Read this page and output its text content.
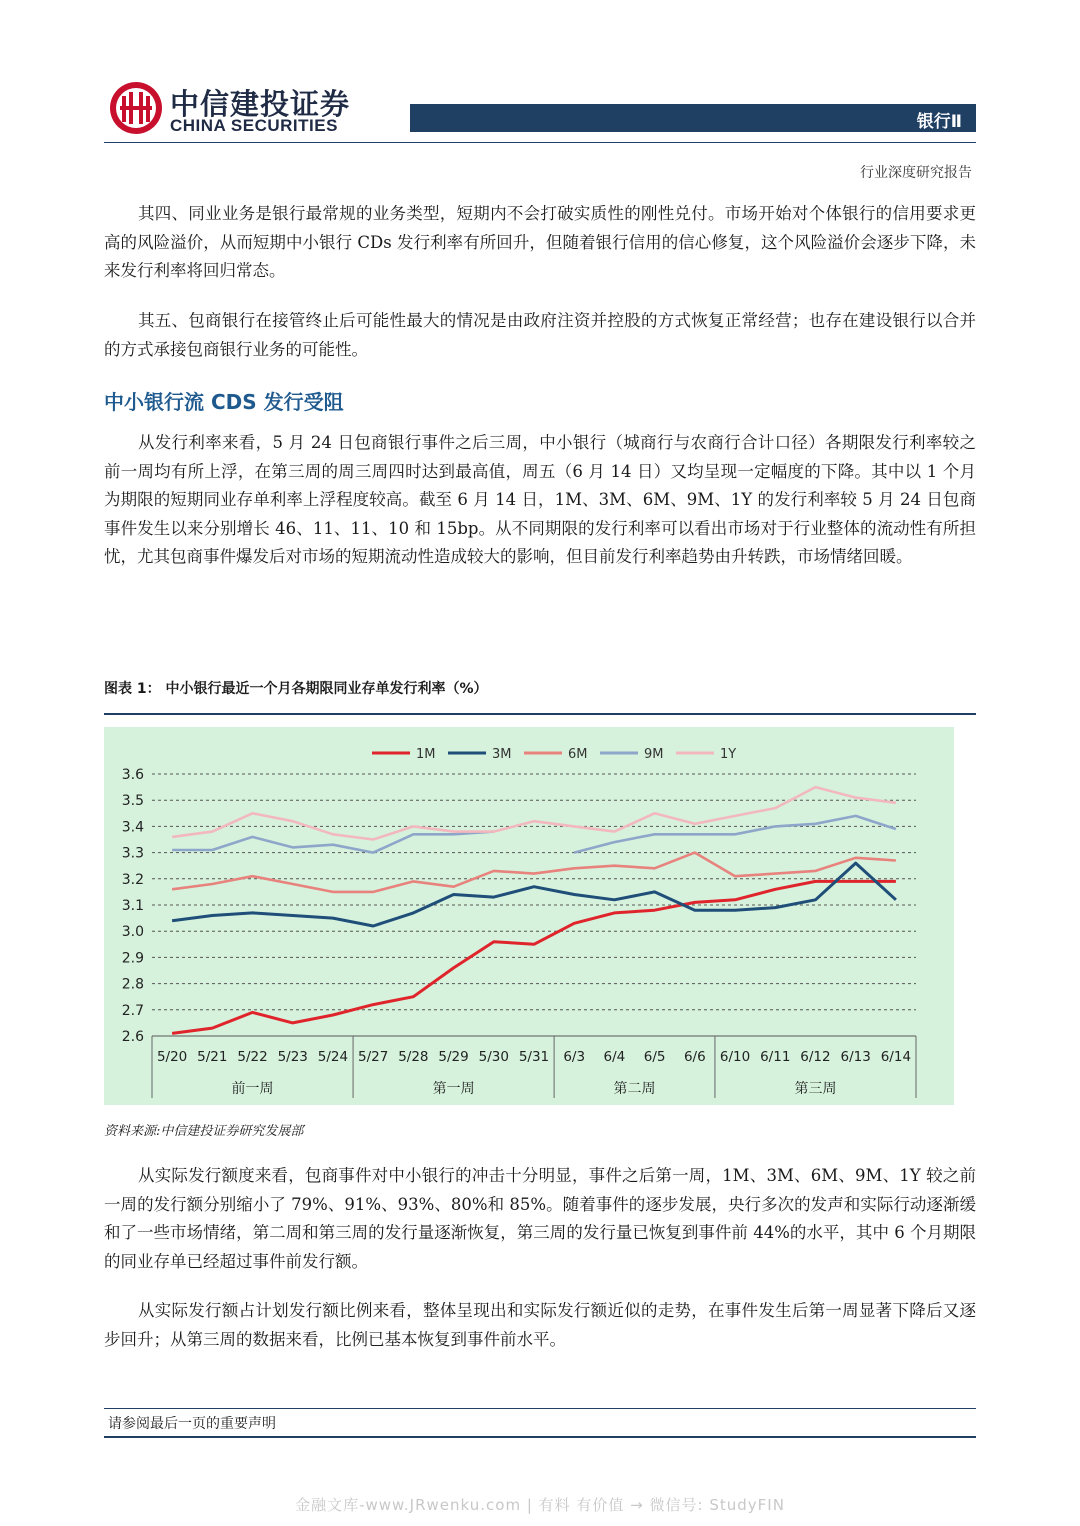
中信建投证券
CHINA SECURITIES	银行Ⅱ
行业深度研究报告

其四、同业业务是银行最常规的业务类型，短期内不会打破实质性的刚性兑付。市场开始对个体银行的信用要求更高的风险溢价，从而短期中小银行 CDs 发行利率有所回升，但随着银行信用的信心修复，这个风险溢价会逐步下降，未来发行利率将回归常态。

其五、包商银行在接管终止后可能性最大的情况是由政府注资并控股的方式恢复正常经营；也存在建设银行以合并的方式承接包商银行业务的可能性。

中小银行流 CDS 发行受阻

从发行利率来看，5 月 24 日包商银行事件之后三周，中小银行（城商行与农商行合计口径）各期限发行利率较之前一周均有所上浮，在第三周的周三周四时达到最高值，周五（6 月 14 日）又均呈现一定幅度的下降。其中以 1 个月为期限的短期同业存单利率上浮程度较高。截至 6 月 14 日，1M、3M、6M、9M、1Y 的发行利率较 5 月 24 日包商事件发生以来分别增长 46、11、11、10 和 15bp。从不同期限的发行利率可以看出市场对于行业整体的流动性有所担忧，尤其包商事件爆发后对市场的短期流动性造成较大的影响，但目前发行利率趋势由升转跌，市场情绪回暖。

图表 1： 中小银行最近一个月各期限同业存单发行利率（%）
1M	3M	6M	9M	1Y
3.6
3.5
3.4
3.3
3.2
3.1
3.0
2.9
2.8
2.7
2.6
5/20 5/21 5/22 5/23 5/24 5/27 5/28 5/29 5/30 5/31 6/3 6/4 6/5 6/6 6/10 6/11 6/12 6/13 6/14
前一周	第一周	第二周	第三周
资料来源:中信建投证券研究发展部

从实际发行额度来看，包商事件对中小银行的冲击十分明显，事件之后第一周，1M、3M、6M、9M、1Y 较之前一周的发行额分别缩小了 79%、91%、93%、80%和 85%。随着事件的逐步发展，央行多次的发声和实际行动逐渐缓和了一些市场情绪，第二周和第三周的发行量逐渐恢复，第三周的发行量已恢复到事件前 44%的水平，其中 6 个月期限的同业存单已经超过事件前发行额。

从实际发行额占计划发行额比例来看，整体呈现出和实际发行额近似的走势，在事件发生后第一周显著下降后又逐步回升；从第三周的数据来看，比例已基本恢复到事件前水平。

请参阅最后一页的重要声明
金融文库-www.JRwenku.com | 有料 有价值 → 微信号: StudyFIN
